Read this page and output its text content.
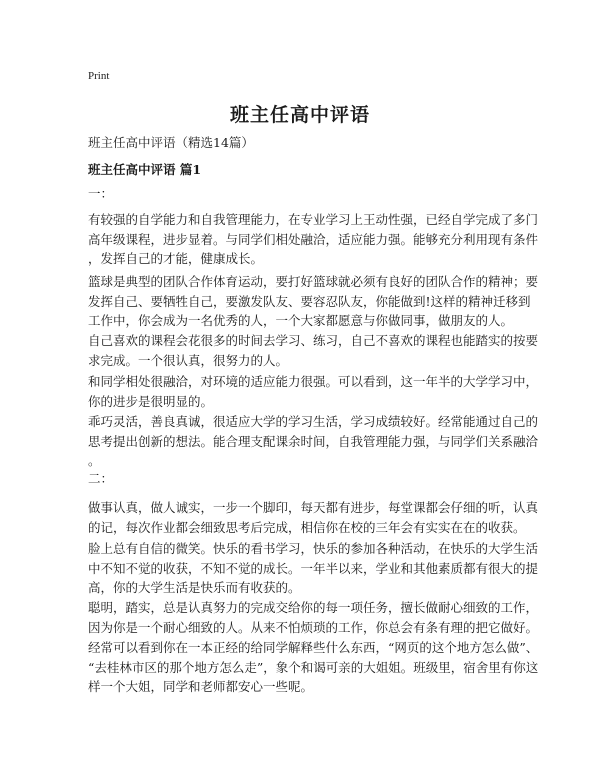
Print
班主任高中评语
班主任高中评语（精选14篇）
班主任高中评语 篇1
一：

有较强的自学能力和自我管理能力，在专业学习上王动性强，已经自学完成了多门
高年级课程，进步显着。与同学们相处融洽，适应能力强。能够充分利用现有条件
，发挥自己的才能，健康成长。

篮球是典型的团队合作体育运动，要打好篮球就必须有良好的团队合作的精神；要
发挥自己、要牺牲自己，要激发队友、要容忍队友，你能做到!这样的精神迁移到
工作中，你会成为一名优秀的人，一个大家都愿意与你做同事，做朋友的人。

自己喜欢的课程会花很多的时间去学习、练习，自己不喜欢的课程也能踏实的按要
求完成。一个很认真，很努力的人。

和同学相处很融洽，对环境的适应能力很强。可以看到，这一年半的大学学习中，
你的进步是很明显的。

乖巧灵活，善良真诚，很适应大学的学习生活，学习成绩较好。经常能通过自己的
思考提出创新的想法。能合理支配课余时间，自我管理能力强，与同学们关系融洽
。

二：

做事认真，做人诚实，一步一个脚印，每天都有进步，每堂课都会仔细的听，认真
的记，每次作业都会细致思考后完成，相信你在校的三年会有实实在在的收获。

脸上总有自信的微笑。快乐的看书学习，快乐的参加各种活动，在快乐的大学生活
中不知不觉的收获，不知不觉的成长。一年半以来，学业和其他素质都有很大的提
高，你的大学生活是快乐而有收获的。

聪明，踏实，总是认真努力的完成交给你的每一项任务，擅长做耐心细致的工作，
因为你是一个耐心细致的人。从来不怕烦琐的工作，你总会有条有理的把它做好。

经常可以看到你在一本正经的给同学解释些什么东西，“网页的这个地方怎么做”、
“去桂林市区的那个地方怎么走”，象个和谒可亲的大姐姐。班级里，宿舍里有你这
样一个大姐，同学和老师都安心一些呢。
